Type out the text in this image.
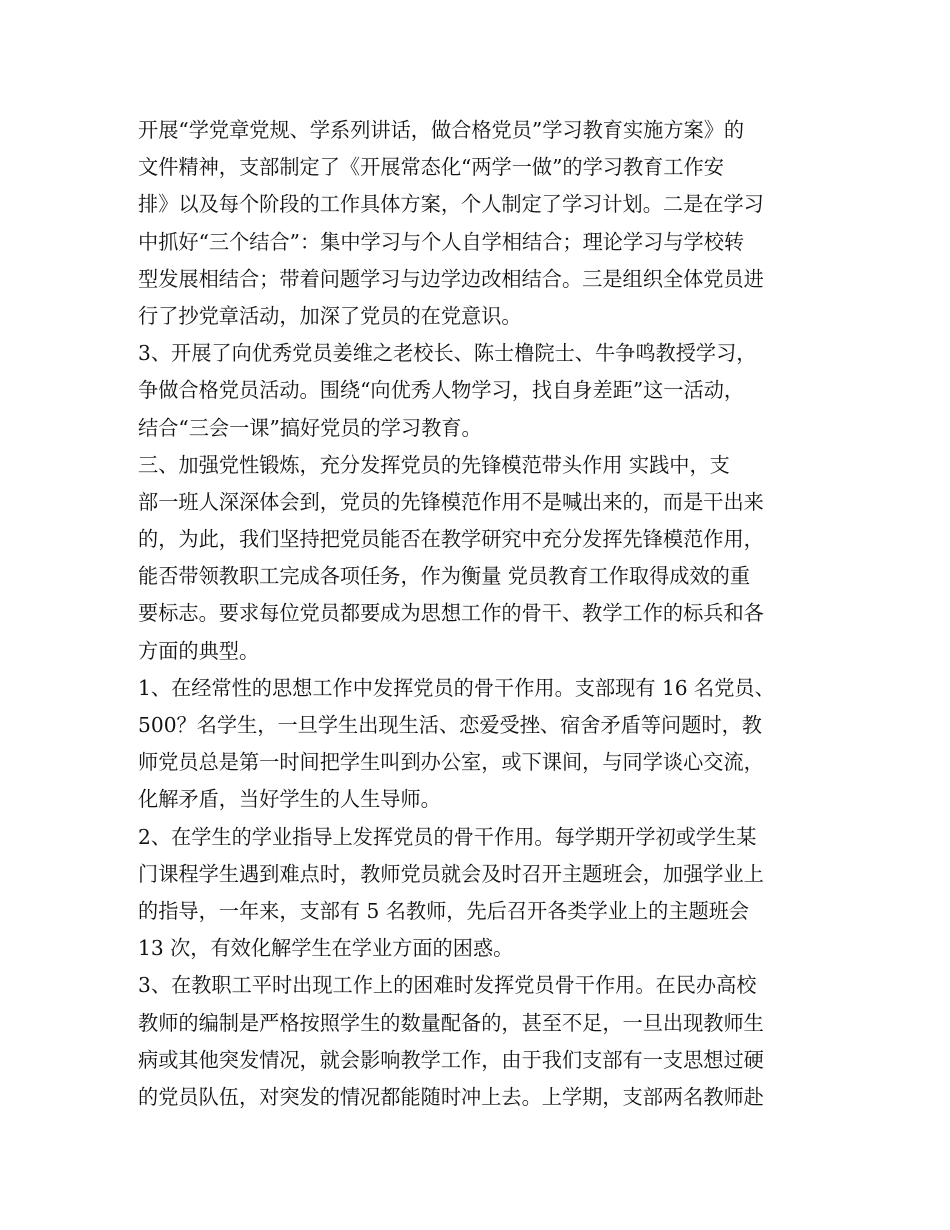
开展“学党章党规、学系列讲话，做合格党员”学习教育实施方案》的
文件精神，支部制定了《开展常态化“两学一做”的学习教育工作安
排》以及每个阶段的工作具体方案，个人制定了学习计划。二是在学习
中抓好“三个结合”：集中学习与个人自学相结合；理论学习与学校转
型发展相结合；带着问题学习与边学边改相结合。三是组织全体党员进
行了抄党章活动，加深了党员的在党意识。
3、开展了向优秀党员姜维之老校长、陈士橹院士、牛争鸣教授学习，
争做合格党员活动。围绕“向优秀人物学习，找自身差距”这一活动，
结合“三会一课”搞好党员的学习教育。
三、加强党性锻炼，充分发挥党员的先锋模范带头作用 实践中，支
部一班人深深体会到，党员的先锋模范作用不是喊出来的，而是干出来
的，为此，我们坚持把党员能否在教学研究中充分发挥先锋模范作用，
能否带领教职工完成各项任务，作为衡量 党员教育工作取得成效的重
要标志。要求每位党员都要成为思想工作的骨干、教学工作的标兵和各
方面的典型。
1、在经常性的思想工作中发挥党员的骨干作用。支部现有 16 名党员、
500？名学生，一旦学生出现生活、恋爱受挫、宿舍矛盾等问题时，教
师党员总是第一时间把学生叫到办公室，或下课间，与同学谈心交流，
化解矛盾，当好学生的人生导师。
2、在学生的学业指导上发挥党员的骨干作用。每学期开学初或学生某
门课程学生遇到难点时，教师党员就会及时召开主题班会，加强学业上
的指导，一年来，支部有 5 名教师，先后召开各类学业上的主题班会
13 次，有效化解学生在学业方面的困惑。
3、在教职工平时出现工作上的困难时发挥党员骨干作用。在民办高校
教师的编制是严格按照学生的数量配备的，甚至不足，一旦出现教师生
病或其他突发情况，就会影响教学工作，由于我们支部有一支思想过硬
的党员队伍，对突发的情况都能随时冲上去。上学期，支部两名教师赴
